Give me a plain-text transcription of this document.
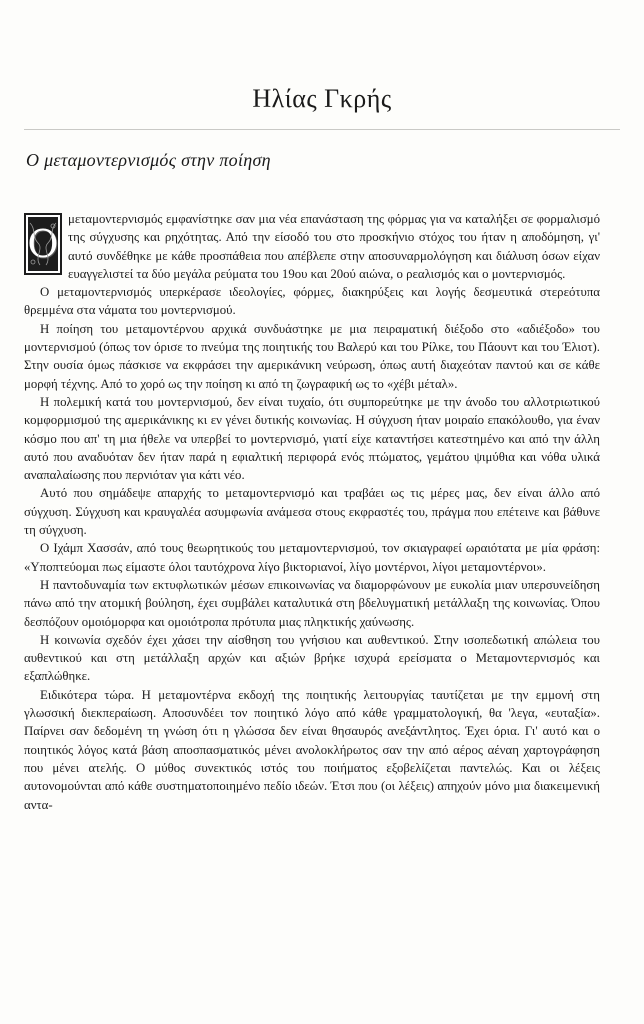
Ηλίας Γκρής
Ο μεταμοντερνισμός στην ποίηση

Ο
μεταμοντερνισμός εμφανίστηκε σαν μια νέα επανάσταση της φόρμας για να καταλήξει σε φορμαλισμό της σύγχυσης και ρηχότητας. Από την είσοδό του στο προσκήνιο στόχος του ήταν η αποδόμηση, γι' αυτό συνδέθηκε με κάθε προσπάθεια που απέβλεπε στην αποσυναρμολόγηση και διάλυση όσων είχαν ευαγγελιστεί τα δύο μεγάλα ρεύματα του 19ου και 20ού αιώνα, ο ρεαλισμός και ο μοντερνισμός.

Ο μεταμοντερνισμός υπερκέρασε ιδεολογίες, φόρμες, διακηρύξεις και λογής δεσμευτικά στερεότυπα θρεμμένα στα νάματα του μοντερνισμού.

Η ποίηση του μεταμοντέρνου αρχικά συνδυάστηκε με μια πειραματική διέξοδο στο «αδιέξοδο» του μοντερνισμού (όπως τον όρισε το πνεύμα της ποιητικής του Βαλερύ και του Ρίλκε, του Πάουντ και του Έλιοτ). Στην ουσία όμως πάσκισε να εκφράσει την αμερικάνικη νεύρωση, όπως αυτή διαχεόταν παντού και σε κάθε μορφή τέχνης. Από το χορό ως την ποίηση κι από τη ζωγραφική ως το «χέβι μέταλ».

Η πολεμική κατά του μοντερνισμού, δεν είναι τυχαίο, ότι συμπορεύτηκε με την άνοδο του αλλοτριωτικού κομφορμισμού της αμερικάνικης κι εν γένει δυτικής κοινωνίας. Η σύγχυση ήταν μοιραίο επακόλουθο, για έναν κόσμο που απ' τη μια ήθελε να υπερβεί το μοντερνισμό, γιατί είχε καταντήσει κατεστημένο και από την άλλη αυτό που αναδυόταν δεν ήταν παρά η εφιαλτική περιφορά ενός πτώματος, γεμάτου ψιμύθια και νόθα υλικά αναπαλαίωσης που περνιόταν για κάτι νέο.

Αυτό που σημάδεψε απαρχής το μεταμοντερνισμό και τραβάει ως τις μέρες μας, δεν είναι άλλο από σύγχυση. Σύγχυση και κραυγαλέα ασυμφωνία ανάμεσα στους εκφραστές του, πράγμα που επέτεινε και βάθυνε τη σύγχυση.

Ο Ιχάμπ Χασσάν, από τους θεωρητικούς του μεταμοντερνισμού, τον σκιαγραφεί ωραιότατα με μία φράση: «Υποπτεύομαι πως είμαστε όλοι ταυτόχρονα λίγο βικτοριανοί, λίγο μοντέρνοι, λίγοι μεταμοντέρνοι».

Η παντοδυναμία των εκτυφλωτικών μέσων επικοινωνίας να διαμορφώνουν με ευκολία μιαν υπερσυνείδηση πάνω από την ατομική βούληση, έχει συμβάλει καταλυτικά στη βδελυγματική μετάλλαξη της κοινωνίας. Όπου δεσπόζουν ομοιόμορφα και ομοιότροπα πρότυπα μιας πληκτικής χαύνωσης.

Η κοινωνία σχεδόν έχει χάσει την αίσθηση του γνήσιου και αυθεντικού. Στην ισοπεδωτική απώλεια του αυθεντικού και στη μετάλλαξη αρχών και αξιών βρήκε ισχυρά ερείσματα ο Μεταμοντερνισμός και εξαπλώθηκε.

Ειδικότερα τώρα. Η μεταμοντέρνα εκδοχή της ποιητικής λειτουργίας ταυτίζεται με την εμμονή στη γλωσσική διεκπεραίωση. Αποσυνδέει τον ποιητικό λόγο από κάθε γραμματολογική, θα 'λεγα, «ευταξία». Παίρνει σαν δεδομένη τη γνώση ότι η γλώσσα δεν είναι θησαυρός ανεξάντλητος. Έχει όρια. Γι' αυτό και ο ποιητικός λόγος κατά βάση αποσπασματικός μένει ανολοκλήρωτος σαν την από αέρος αέναη χαρτογράφηση που μένει ατελής. Ο μύθος συνεκτικός ιστός του ποιήματος εξοβελίζεται παντελώς. Και οι λέξεις αυτονομούνται από κάθε συστηματοποιημένο πεδίο ιδεών. Έτσι που (οι λέξεις) απηχούν μόνο μια διακειμενική αντα-
